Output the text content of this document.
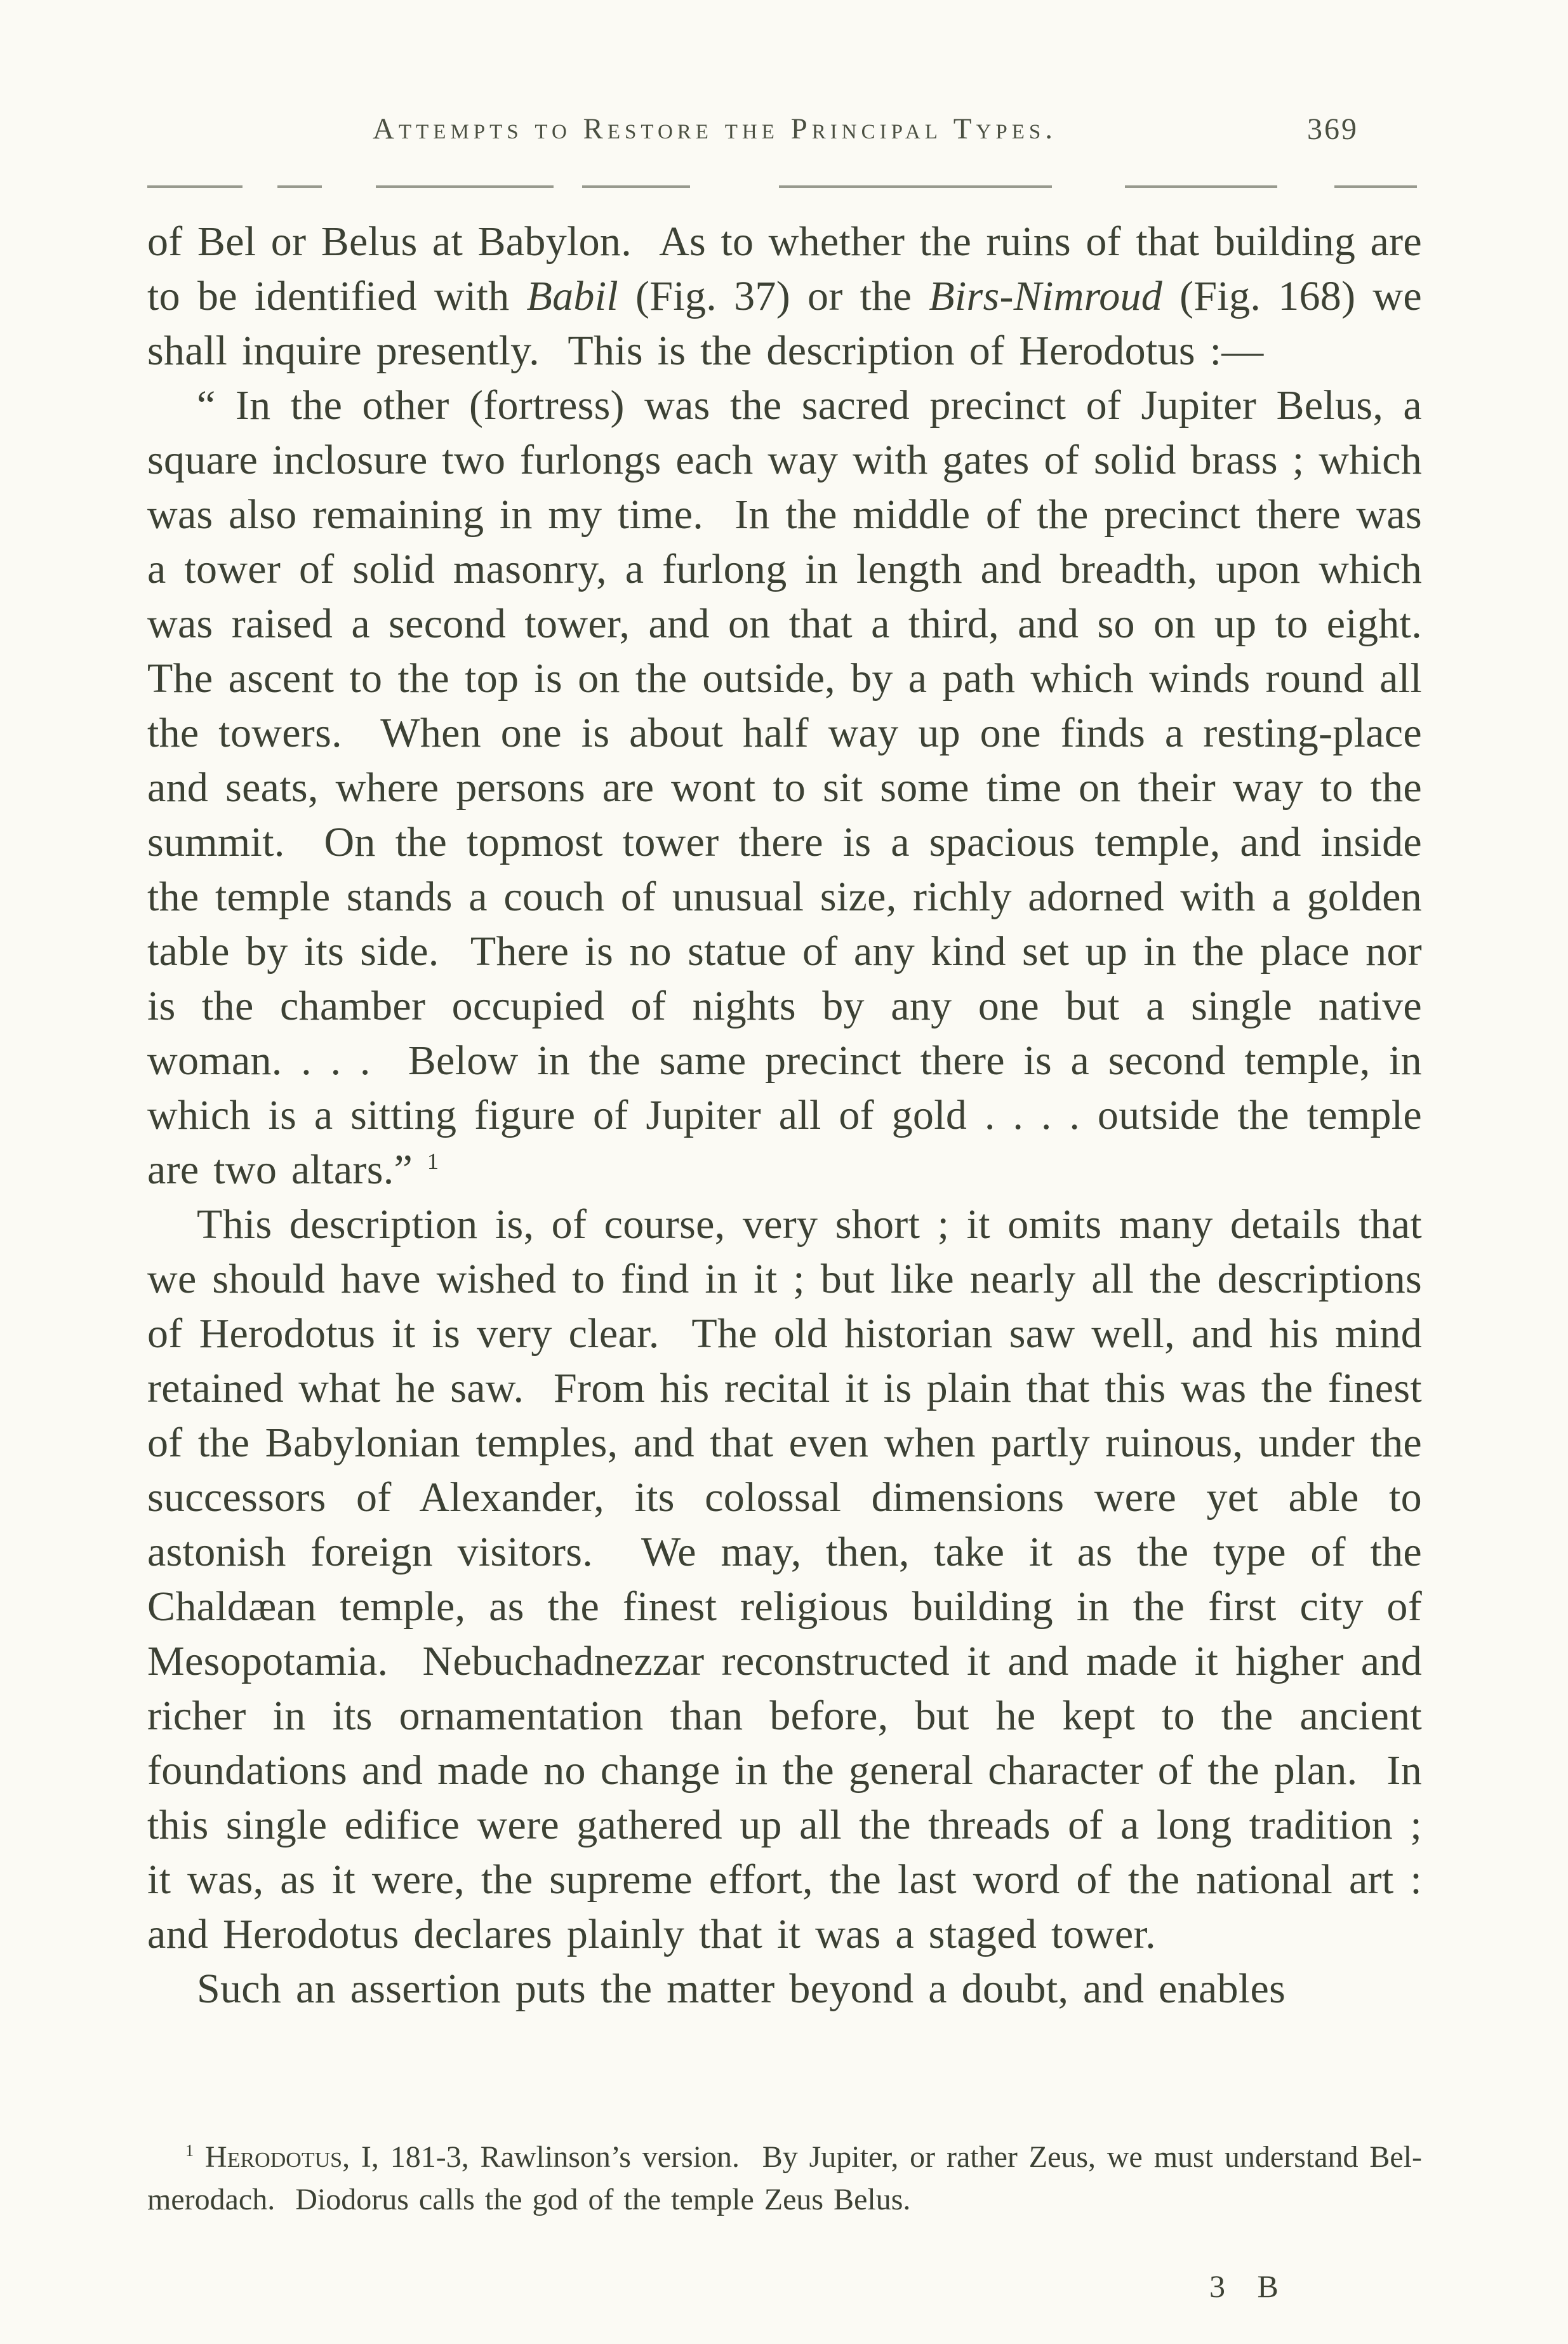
Attempts to Restore the Principal Types.	369

of Bel or Belus at Babylon.  As to whether the ruins of that building are to be identified with Babil (Fig. 37) or the Birs-Nimroud (Fig. 168) we shall inquire presently.  This is the description of Herodotus :—

“ In the other (fortress) was the sacred precinct of Jupiter Belus, a square inclosure two furlongs each way with gates of solid brass ; which was also remaining in my time.  In the middle of the precinct there was a tower of solid masonry, a furlong in length and breadth, upon which was raised a second tower, and on that a third, and so on up to eight.  The ascent to the top is on the outside, by a path which winds round all the towers.  When one is about half way up one finds a resting-place and seats, where persons are wont to sit some time on their way to the summit.  On the topmost tower there is a spacious temple, and inside the temple stands a couch of unusual size, richly adorned with a golden table by its side.  There is no statue of any kind set up in the place nor is the chamber occupied of nights by any one but a single native woman. . . .  Below in the same precinct there is a second temple, in which is a sitting figure of Jupiter all of gold . . . . outside the temple are two altars.” $^1$

This description is, of course, very short ; it omits many details that we should have wished to find in it ; but like nearly all the descriptions of Herodotus it is very clear.  The old historian saw well, and his mind retained what he saw.  From his recital it is plain that this was the finest of the Babylonian temples, and that even when partly ruinous, under the successors of Alexander, its colossal dimensions were yet able to astonish foreign visitors.  We may, then, take it as the type of the Chaldæan temple, as the finest religious building in the first city of Mesopotamia.  Nebuchadnezzar reconstructed it and made it higher and richer in its ornamentation than before, but he kept to the ancient foundations and made no change in the general character of the plan.  In this single edifice were gathered up all the threads of a long tradition ; it was, as it were, the supreme effort, the last word of the national art : and Herodotus declares plainly that it was a staged tower.

Such an assertion puts the matter beyond a doubt, and enables

$^1$ Herodotus, I, 181-3, Rawlinson’s version.  By Jupiter, or rather Zeus, we must understand Bel-merodach.  Diodorus calls the god of the temple Zeus Belus.
3 B
